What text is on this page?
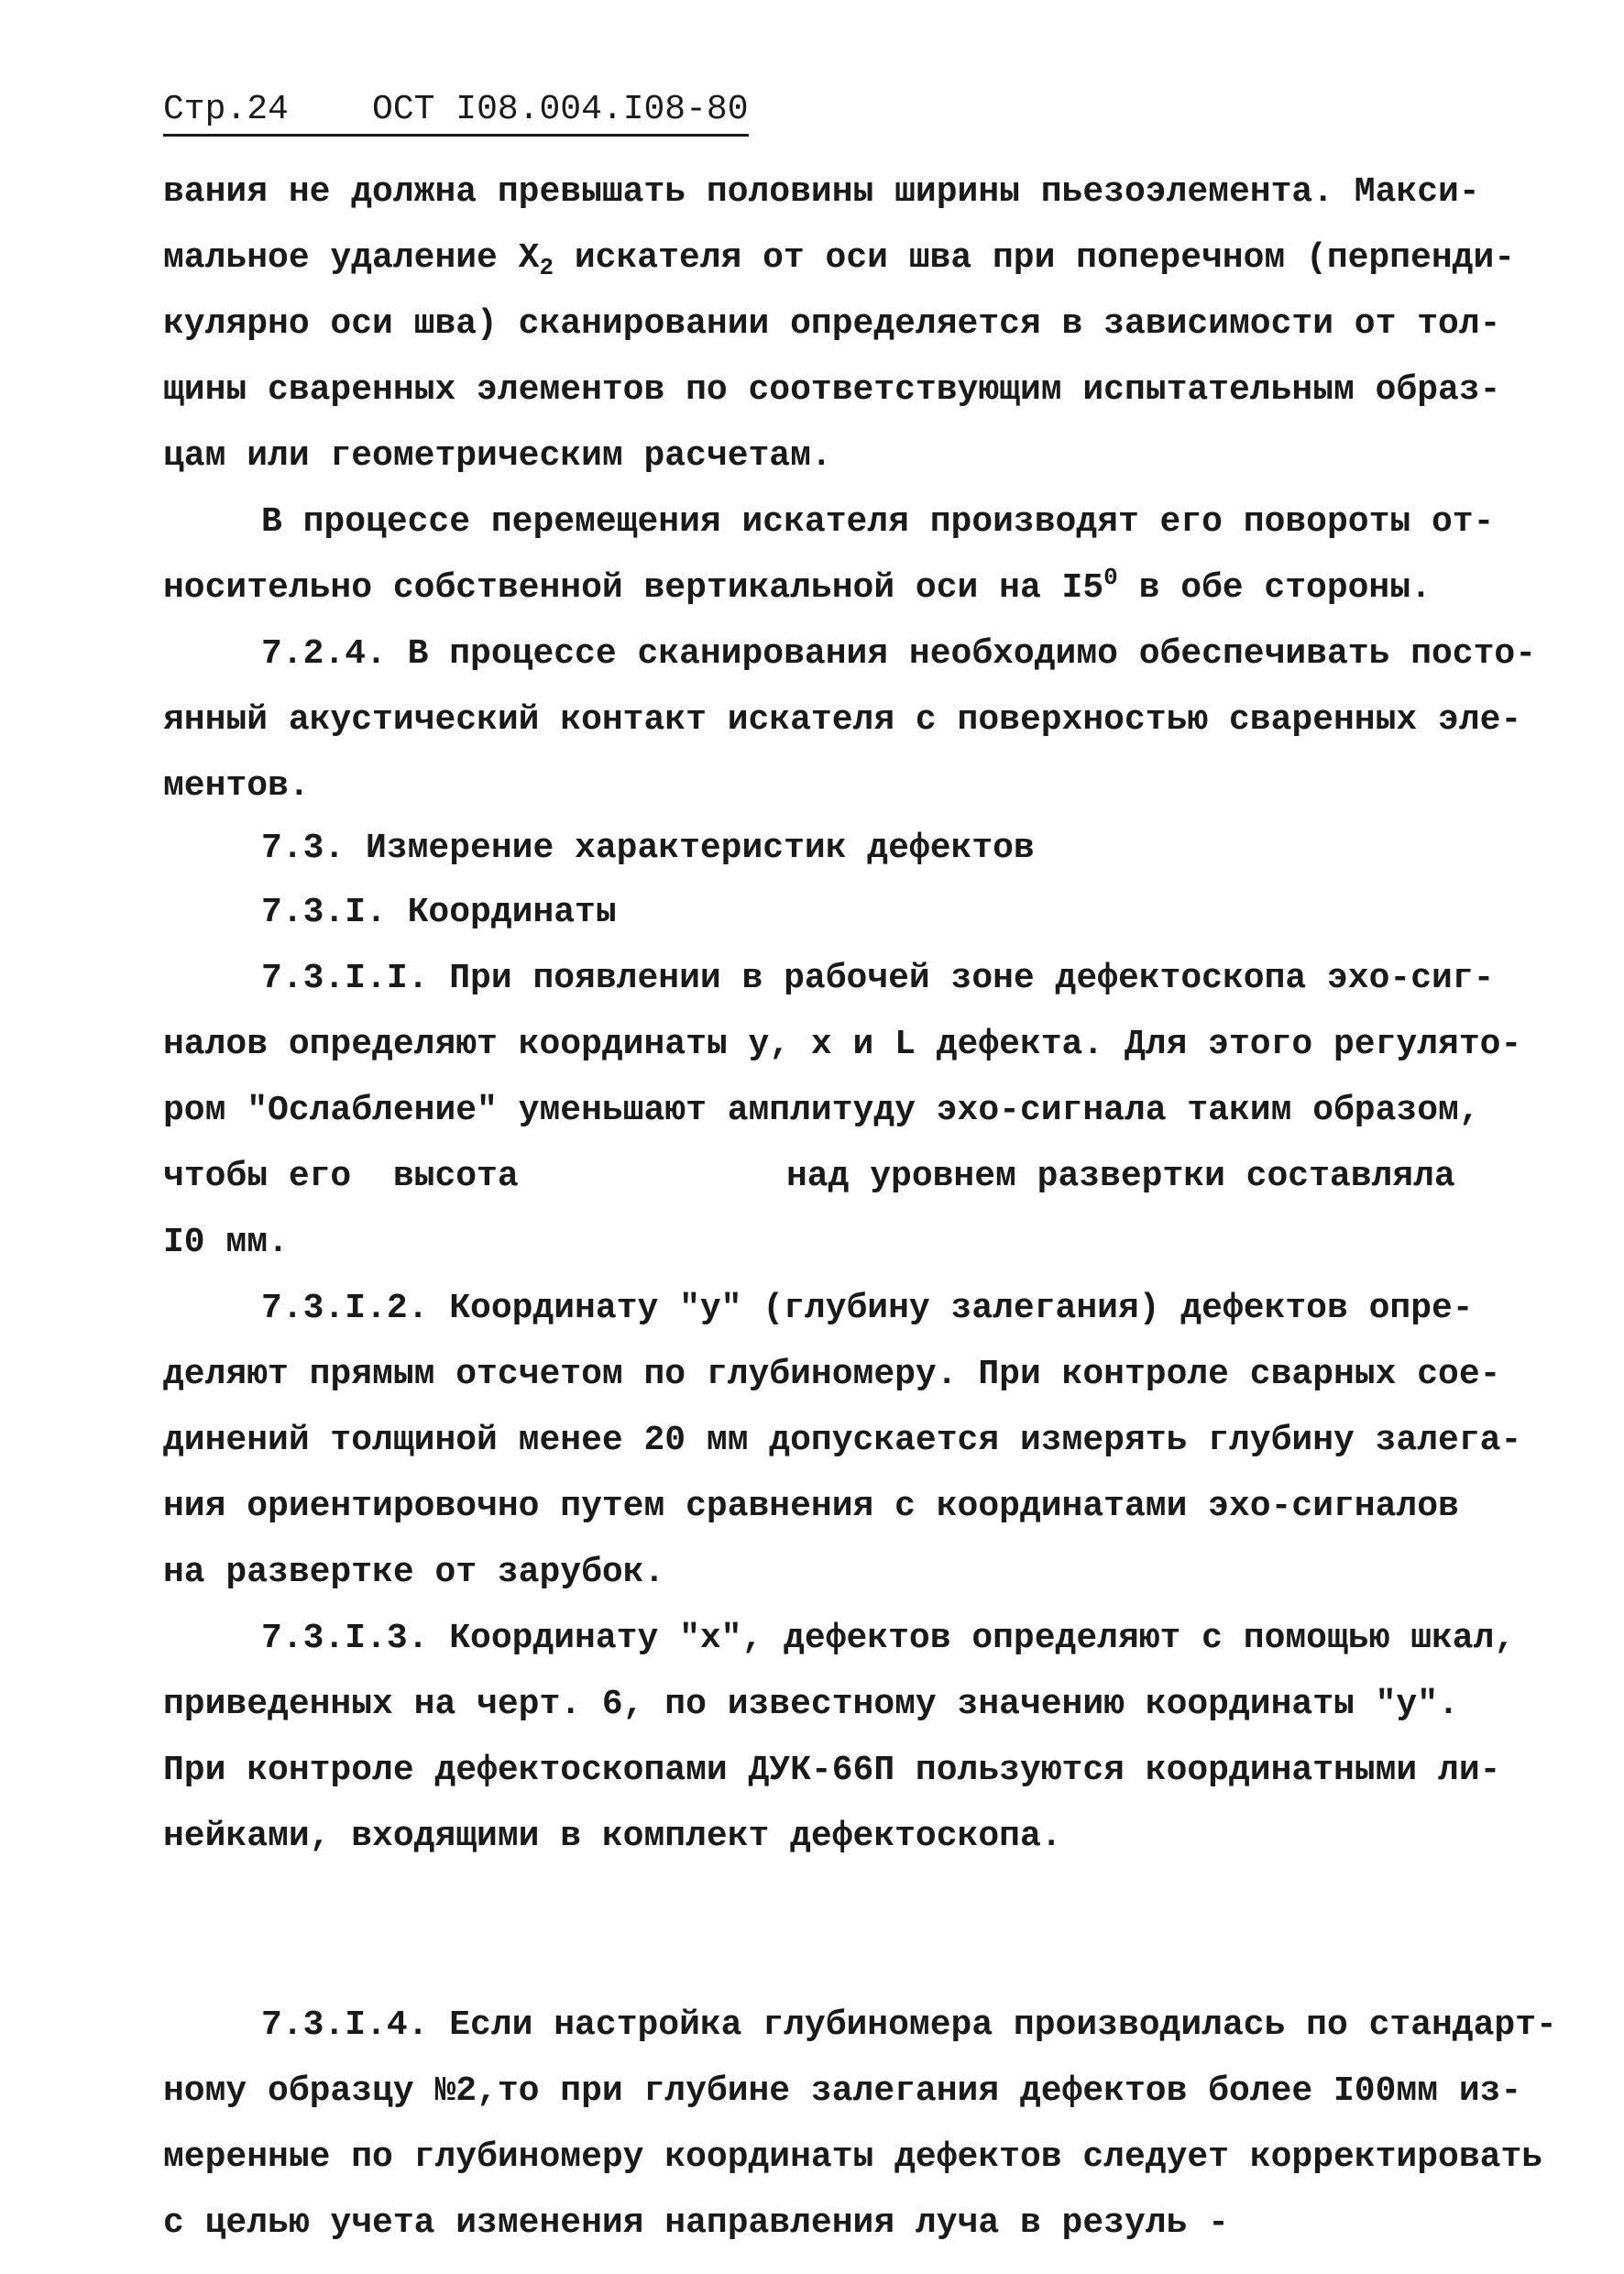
Стр.24 ОСТ I08.004.I08-80
вания не должна превышать половины ширины пьезоэлемента. Макси-
мальное удаление $X_2$ искателя от оси шва при поперечном (перпенди-
кулярно оси шва) сканировании определяется в зависимости от тол-
щины сваренных элементов по соответствующим испытательным образ-
цам или геометрическим расчетам.
В процессе перемещения искателя производят его повороты от-
носительно собственной вертикальной оси на $I5^0$ в обе стороны.
7.2.4. В процессе сканирования необходимо обеспечивать посто-
янный акустический контакт искателя с поверхностью сваренных эле-
ментов.
7.3. Измерение характеристик дефектов
7.3.I. Координаты
7.3.I.I. При появлении в рабочей зоне дефектоскопа эхо-сиг-
налов определяют координаты у, х и L дефекта. Для этого регулято-
ром "Ослабление" уменьшают амплитуду эхо-сигнала таким образом,
чтобы его  высота	над уровнем развертки составляла
I0 мм.
7.3.I.2. Координату "у" (глубину залегания) дефектов опре-
деляют прямым отсчетом по глубиномеру. При контроле сварных сое-
динений толщиной менее 20 мм допускается измерять глубину залега-
ния ориентировочно путем сравнения с координатами эхо-сигналов
на развертке от зарубок.
7.3.I.3. Координату "х", дефектов определяют с помощью шкал,
приведенных на черт. 6, по известному значению координаты "у".
При контроле дефектоскопами ДУК-66П пользуются координатными ли-
нейками, входящими в комплект дефектоскопа.
7.3.I.4. Если настройка глубиномера производилась по стандарт-
ному образцу №2,то при глубине залегания дефектов более I00мм из-
меренные по глубиномеру координаты дефектов следует корректировать
с целью учета изменения направления луча в резуль -
